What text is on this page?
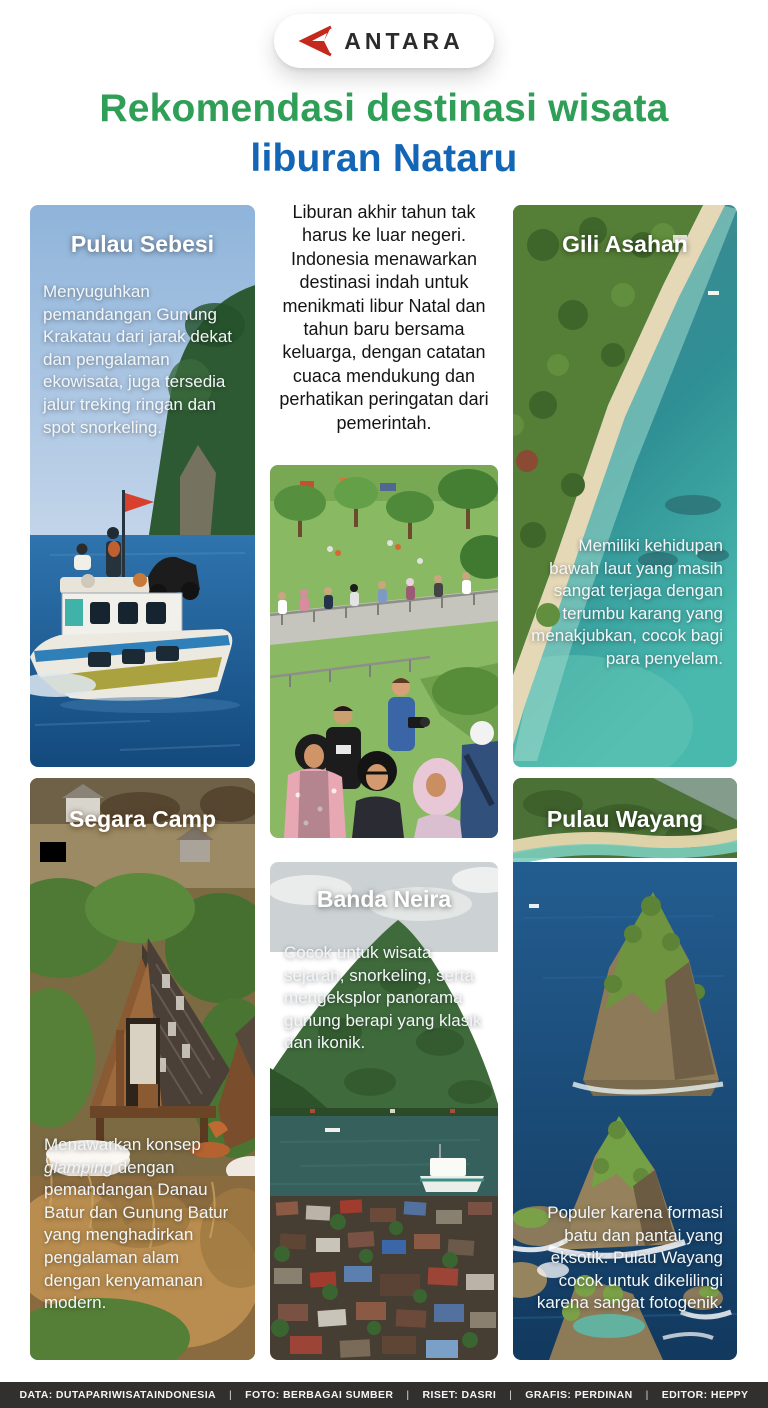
ANTARA
Rekomendasi destinasi wisata
liburan Nataru

Liburan akhir tahun tak harus ke luar negeri. Indonesia menawarkan destinasi indah untuk menikmati libur Natal dan tahun baru bersama keluarga, dengan catatan cuaca mendukung dan perhatikan peringatan dari pemerintah.

Pulau Sebesi

Menyuguhkan pemandangan Gunung Krakatau dari jarak dekat dan pengalaman ekowisata, juga tersedia jalur treking ringan dan spot snorkeling.

Gili Asahan

Memiliki kehidupan bawah laut yang masih sangat terjaga dengan terumbu karang yang menakjubkan, cocok bagi para penyelam.

Segara Camp

Menawarkan konsep glamping dengan pemandangan Danau Batur dan Gunung Batur yang menghadirkan pengalaman alam dengan kenyamanan modern.

Banda Neira

Cocok untuk wisata sejarah, snorkeling, serta mengeksplor panorama gunung berapi yang klasik dan ikonik.

Pulau Wayang

Populer karena formasi batu dan pantai yang eksotik. Pulau Wayang cocok untuk dikelilingi karena sangat fotogenik.

DATA: DUTAPARIWISATAINDONESIA | FOTO: BERBAGAI SUMBER | RISET: DASRI | GRAFIS: PERDINAN | EDITOR: HEPPY
